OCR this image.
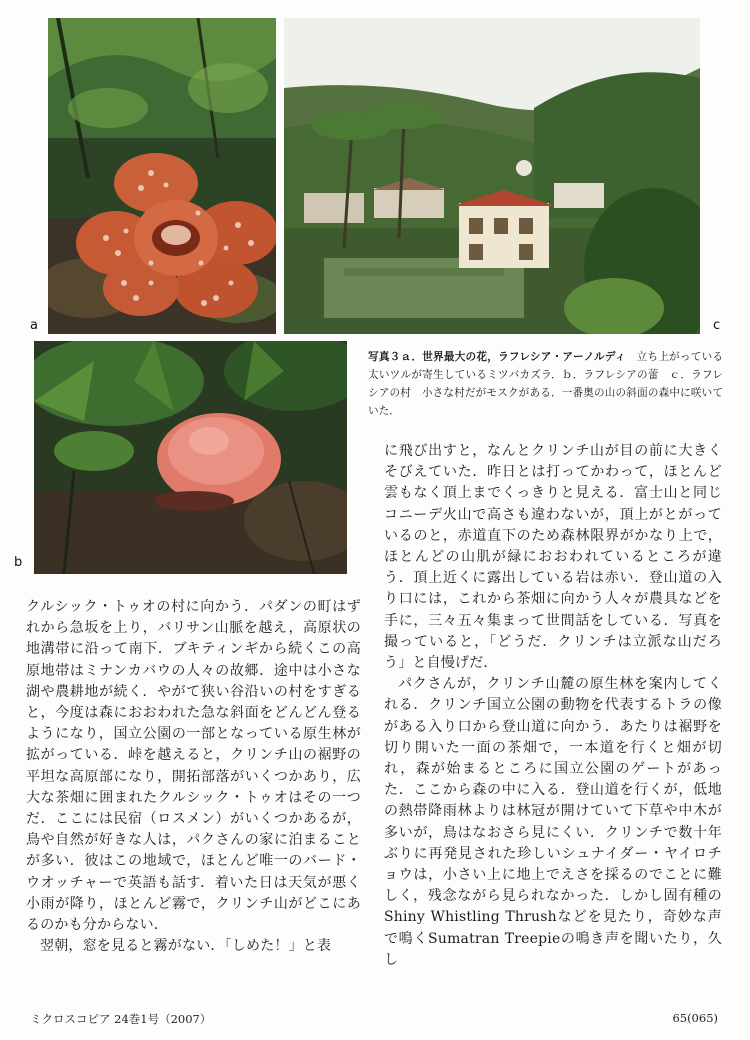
a	c
b
写真３ａ．世界最大の花，ラフレシア・アーノルディ　立ち上がっている太いツルが寄生しているミツバカズラ．ｂ．ラフレシアの蕾　ｃ．ラフレシアの村　小さな村だがモスクがある．一番奥の山の斜面の森中に咲いていた．

クルシック・トゥオの村に向かう．パダンの町はずれから急坂を上り，バリサン山脈を越え，高原状の地溝帯に沿って南下．ブキティンギから続くこの高原地帯はミナンカバウの人々の故郷．途中は小さな湖や農耕地が続く．やがて狭い谷沿いの村をすぎると，今度は森におおわれた急な斜面をどんどん登るようになり，国立公園の一部となっている原生林が拡がっている．峠を越えると，クリンチ山の裾野の平坦な高原部になり，開拓部落がいくつかあり，広大な茶畑に囲まれたクルシック・トゥオはその一つだ．ここには民宿（ロスメン）がいくつかあるが，鳥や自然が好きな人は，パクさんの家に泊まることが多い．彼はこの地域で，ほとんど唯一のバード・ウオッチャーで英語も話す．着いた日は天気が悪く小雨が降り，ほとんど霧で，クリンチ山がどこにあるのかも分からない．

翌朝，窓を見ると霧がない．「しめた！」と表

に飛び出すと，なんとクリンチ山が目の前に大きくそびえていた．昨日とは打ってかわって，ほとんど雲もなく頂上までくっきりと見える．富士山と同じコニーデ火山で高さも違わないが，頂上がとがっているのと，赤道直下のため森林限界がかなり上で，ほとんどの山肌が緑におおわれているところが違う．頂上近くに露出している岩は赤い．登山道の入り口には，これから茶畑に向かう人々が農具などを手に，三々五々集まって世間話をしている．写真を撮っていると，「どうだ．クリンチは立派な山だろう」と自慢げだ．

パクさんが，クリンチ山麓の原生林を案内してくれる．クリンチ国立公園の動物を代表するトラの像がある入り口から登山道に向かう．あたりは裾野を切り開いた一面の茶畑で，一本道を行くと畑が切れ，森が始まるところに国立公園のゲートがあった．ここから森の中に入る．登山道を行くが，低地の熱帯降雨林よりは林冠が開けていて下草や中木が多いが，鳥はなおさら見にくい．クリンチで数十年ぶりに再発見された珍しいシュナイダー・ヤイロチョウは，小さい上に地上でえさを採るのでことに難しく，残念ながら見られなかった．しかし固有種のShiny Whistling Thrushなどを見たり，奇妙な声で鳴くSumatran Treepieの鳴き声を聞いたり，久し

ミクロスコピア 24巻1号（2007）	65(065)
